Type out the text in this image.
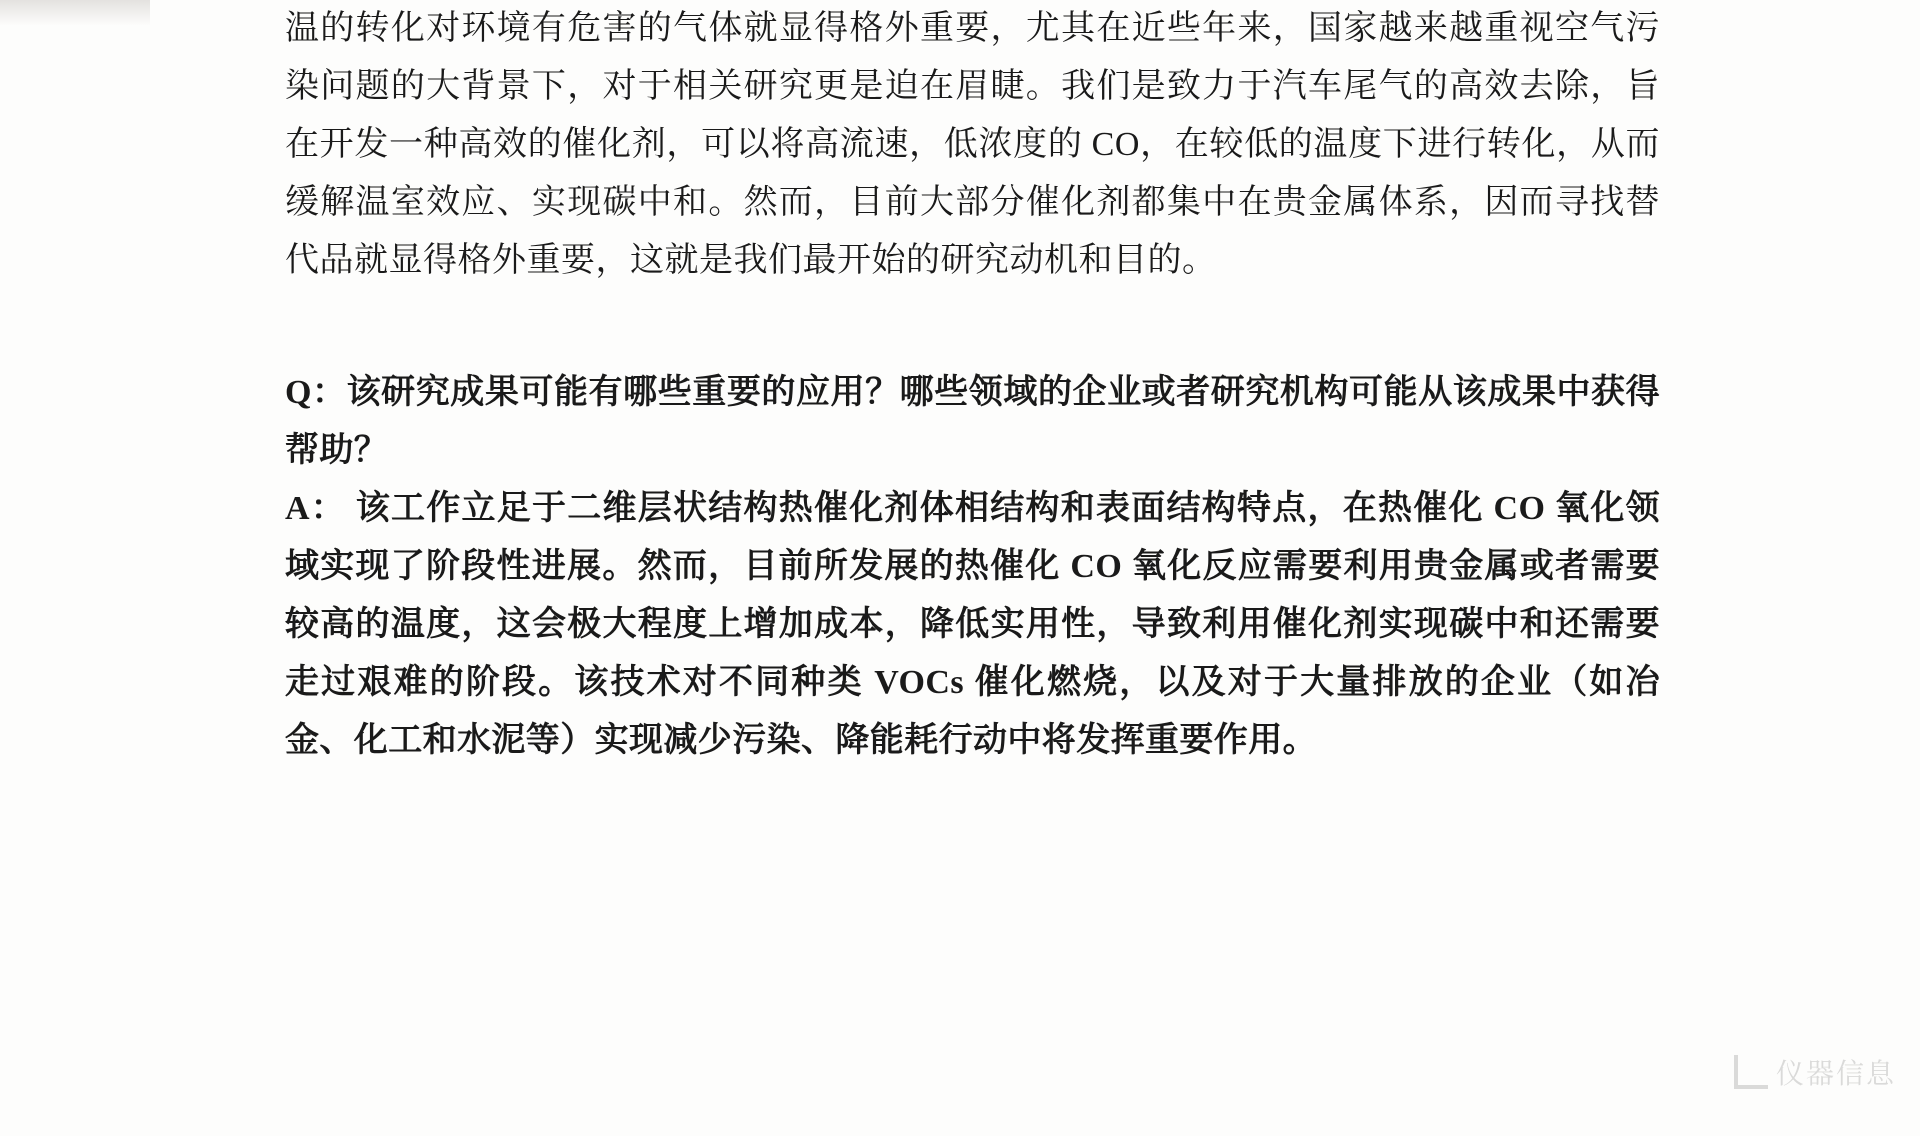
温的转化对环境有危害的气体就显得格外重要，尤其在近些年来，国家越来越重视空气污染问题的大背景下，对于相关研究更是迫在眉睫。我们是致力于汽车尾气的高效去除，旨在开发一种高效的催化剂，可以将高流速，低浓度的 CO，在较低的温度下进行转化，从而缓解温室效应、实现碳中和。然而，目前大部分催化剂都集中在贵金属体系，因而寻找替代品就显得格外重要，这就是我们最开始的研究动机和目的。

Q：该研究成果可能有哪些重要的应用？哪些领域的企业或者研究机构可能从该成果中获得帮助？

A： 该工作立足于二维层状结构热催化剂体相结构和表面结构特点，在热催化 CO 氧化领域实现了阶段性进展。然而，目前所发展的热催化 CO 氧化反应需要利用贵金属或者需要较高的温度，这会极大程度上增加成本，降低实用性，导致利用催化剂实现碳中和还需要走过艰难的阶段。该技术对不同种类 VOCs 催化燃烧，以及对于大量排放的企业（如冶金、化工和水泥等）实现减少污染、降能耗行动中将发挥重要作用。

仪器信息
